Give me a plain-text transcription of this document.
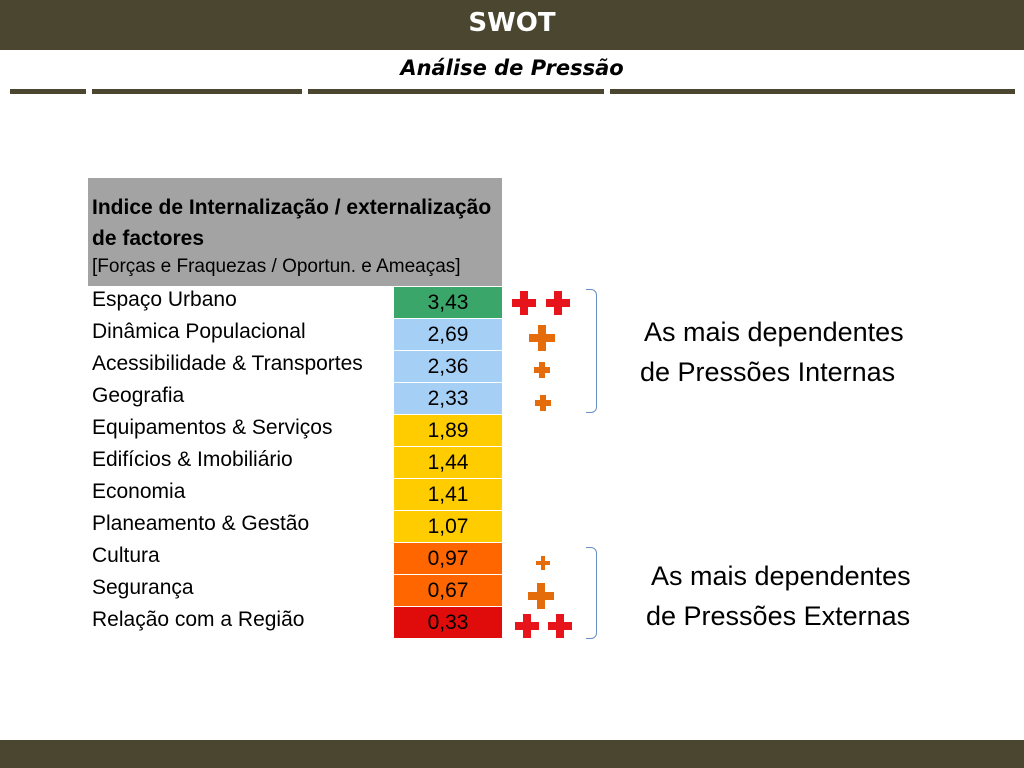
SWOT
Análise de Pressão
Indice de Internalização / externalização de factores
[Forças e Fraquezas / Oportun. e Ameaças]
Espaço Urbano	3,43
Dinâmica Populacional	2,69
Acessibilidade & Transportes	2,36
Geografia	2,33
Equipamentos & Serviços	1,89
Edifícios & Imobiliário	1,44
Economia	1,41
Planeamento & Gestão	1,07
Cultura	0,97
Segurança	0,67
Relação com a Região	0,33
As mais dependentes
de Pressões Internas
As mais dependentes
de Pressões Externas
